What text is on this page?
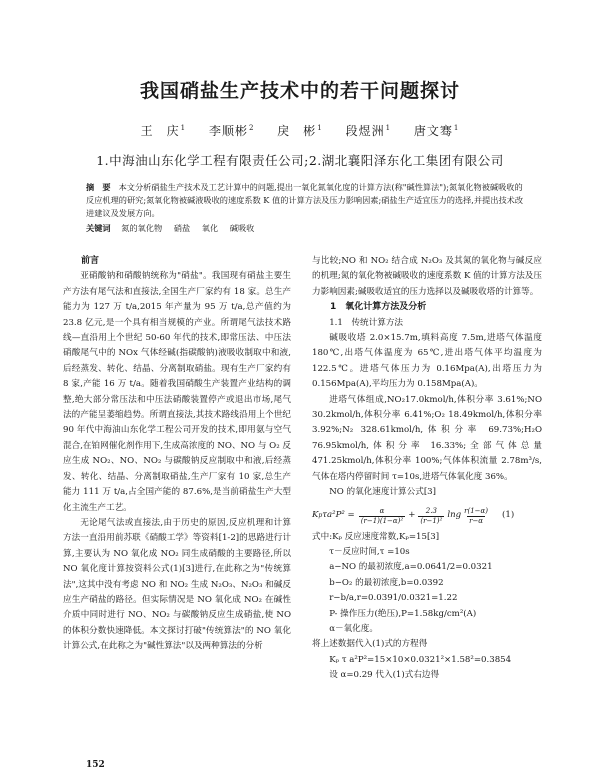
我国硝盐生产技术中的若干问题探讨
王　庆$^1$ 李顺彬$^2$ 戾　彬$^1$ 段煜洲$^1$ 唐文骞$^1$
1.中海油山东化学工程有限责任公司;2.湖北襄阳泽东化工集团有限公司
摘　要 本文分析硝盐生产技术及工艺计算中的问题,提出一氧化氮氧化度的计算方法(称"碱性算法");氮氧化物被碱吸收的反应机理的研究;氮氧化物被碱液吸收的速度系数 K 值的计算方法及压力影响因素;硝盐生产适宜压力的选择,并提出技术改进建议及发展方向。
关键词 氮的氧化物 硝盐 氧化 碱吸收

前言

亚硝酸钠和硝酸钠统称为"硝盐"。我国现有硝盐主要生产方法有尾气法和直接法,全国生产厂家约有 18 家。总生产能力为 127 万 t/a,2015 年产量为 95 万 t/a,总产值约为 23.8 亿元,是一个具有相当规模的产业。所谓尾气法技术路线—直沿用上个世纪 50-60 年代的技术,即常压法、中压法硝酸尾气中的 NOx 气体经碱(指碳酸钠)液吸收制取中和液,后经蒸发、转化、结晶、分离制取硝盐。现有生产厂家约有 8 家,产能 16 万 t/a。随着我国硝酸生产装置产业结构的调整,绝大部分常压法和中压法硝酸装置停产或退出市场,尾气法的产能呈萎缩趋势。所谓直接法,其技术路线沿用上个世纪 90 年代中海油山东化学工程公司开发的技术,即用氨与空气混合,在铂网催化剂作用下,生成高浓度的 NO、NO 与 O₂ 反应生成 NO₂、NO、NO₂ 与碳酸钠反应制取中和液,后经蒸发、转化、结晶、分离制取硝盐,生产厂家有 10 家,总生产能力 111 万 t/a,占全国产能的 87.6%,是当前硝盐生产大型化主流生产工艺。

无论尾气法或直接法,由于历史的原因,反应机理和计算方法一直沿用前苏联《硝酸工学》等资料[1-2]的思路进行计算,主要认为 NO 氧化成 NO₂ 同生成硝酸的主要路径,所以 NO 氧化度计算按资料公式(1)[3]进行,在此称之为"传统算法",这其中没有考虑 NO 和 NO₂ 生成 N₂O₃、N₂O₃ 和碱反应生产硝盐的路径。但实际情况是 NO 氧化成 NO₂ 在碱性介质中同时进行 NO、NO₂ 与碳酸钠反应生成硝盐,使 NO 的体积分数快速降低。本文探讨打破"传统算法"的 NO 氧化计算公式,在此称之为"碱性算法"以及两种算法的分析

与比较;NO 和 NO₂ 结合成 N₂O₃ 及其氮的氧化物与碱反应的机理;氮的氧化物被碱吸收的速度系数 K 值的计算方法及压力影响因素;碱吸收适宜的压力选择以及碱吸收塔的计算等。

1　氧化计算方法及分析

1.1　传统计算方法

碱吸收塔 2.0×15.7m,填料高度 7.5m,进塔气体温度 180℃,出塔气体温度为 65℃,进出塔气体平均温度为 122.5℃。进塔气体压力为 0.16Mpa(A),出塔压力为 0.156Mpa(A),平均压力为 0.158Mpa(A)。

进塔气体组成,NO₂17.0kmol/h,体积分率 3.61%;NO 30.2kmol/h,体积分率 6.41%;O₂ 18.49kmol/h,体积分率 3.92%;N₂ 328.61kmol/h,体积分率 69.73%;H₂O 76.95kmol/h,体积分率 16.33%;全部气体总量 471.25kmol/h,体积分率 100%;气体体积流量 2.78m³/s,气体在塔内停留时间 τ=10s,进塔气体氧化度 36%。

NO 的氧化速度计算公式[3]

K p $\tau a^2P^2 = \frac{\alpha}{\text{(r−1)(1−α)²}} + \frac{2.3}{\text{(r−1)²}}$ lng r(1−α)
r−α
(1)

式中:Kₚ 反应速度常数,Kₚ=15[3]

τ－反应时间,τ =10s

a−NO 的最初浓度,a=0.0641/2=0.0321

b−O₂ 的最初浓度,b=0.0392

r−b/a,r=0.0391/0.0321=1.22

P- 操作压力(绝压),P=1.58kg/cm²(A)

α－氧化度。

将上述数据代入(1)式的方程得

Kₚ τ a²P²=15×10×0.0321²×1.58²=0.3854

设 α=0.29 代入(1)式右边得

152
